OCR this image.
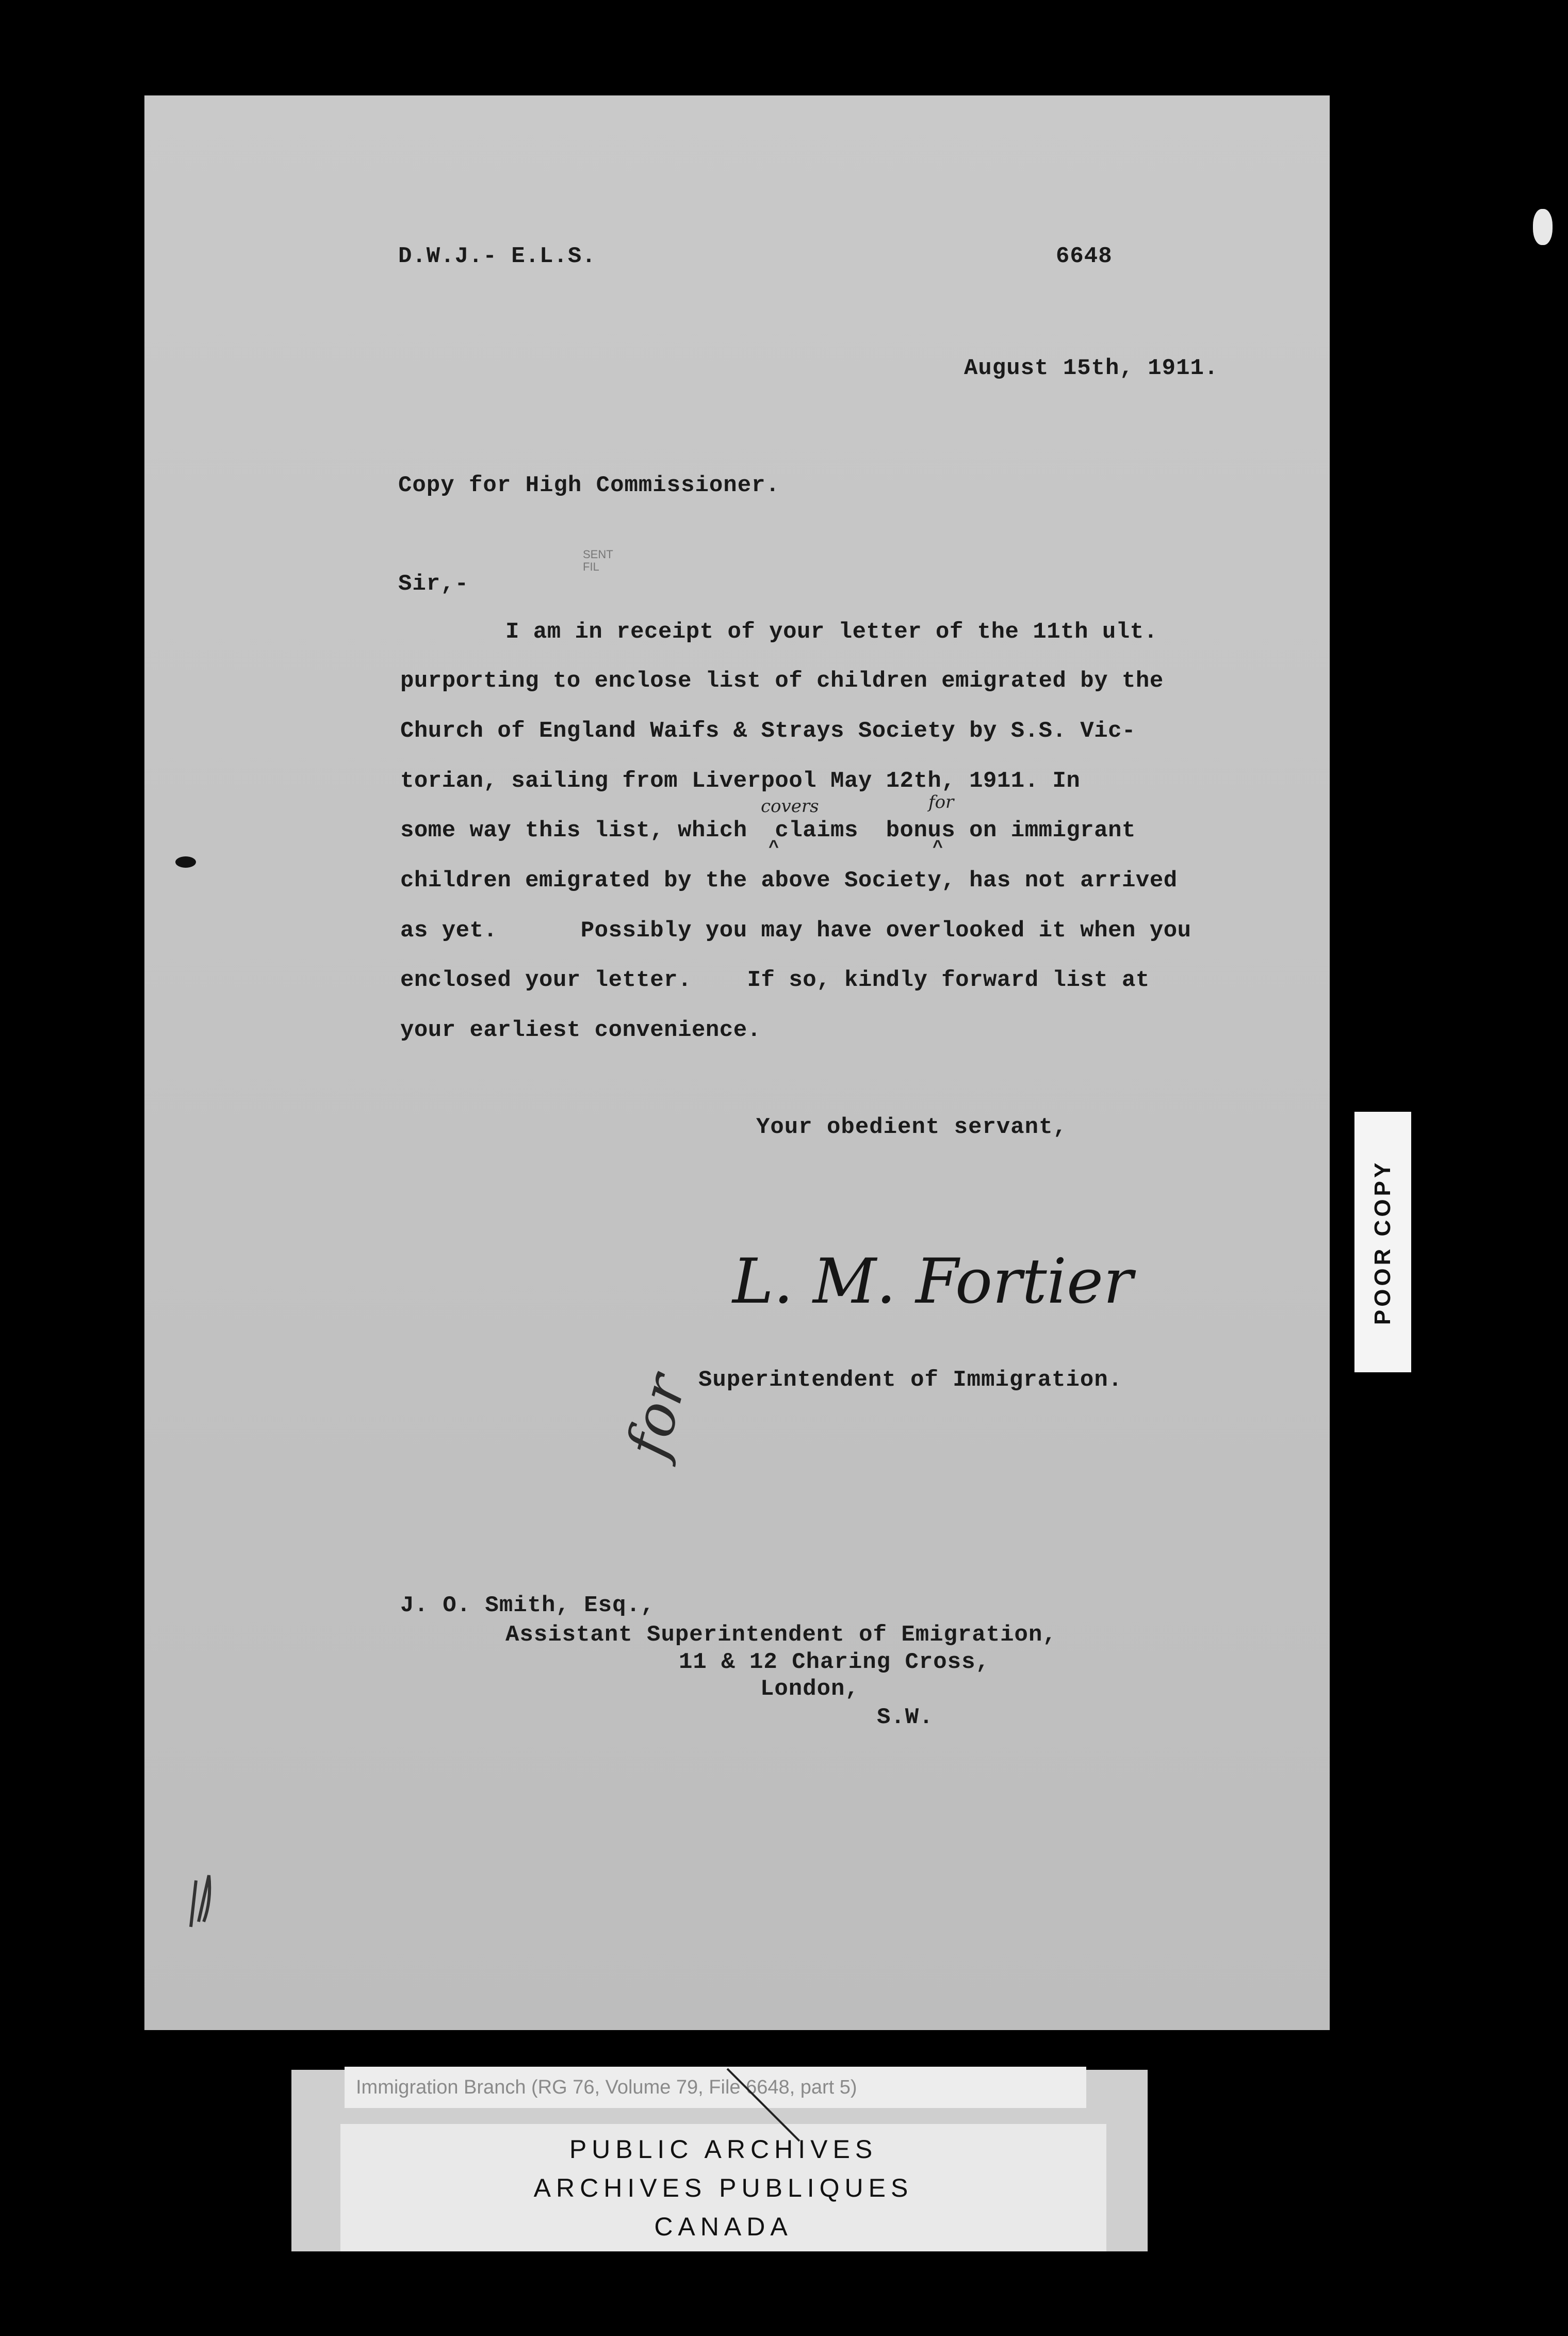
D.W.J.- E.L.S.	6648
August 15th, 1911.
Copy for High Commissioner.
Sir,-
I am in receipt of your letter of the 11th ult.
purporting to enclose list of children emigrated by the
Church of England Waifs & Strays Society by S.S. Vic-
torian, sailing from Liverpool May 12th, 1911. In
some way this list, which  claims  bonus on immigrant
children emigrated by the above Society, has not arrived
as yet.      Possibly you may have overlooked it when you
enclosed your letter.    If so, kindly forward list at
your earliest convenience.
covers	for
^	^
SENT
FIL
Your obedient servant,
L. M. Fortier
Superintendent of Immigration.
for
J. O. Smith, Esq.,
Assistant Superintendent of Emigration,
11 & 12 Charing Cross,
London,
S.W.
POOR COPY
PUBLIC ARCHIVES
ARCHIVES PUBLIQUES
CANADA
Immigration Branch (RG 76, Volume 79, File 6648, part 5)
